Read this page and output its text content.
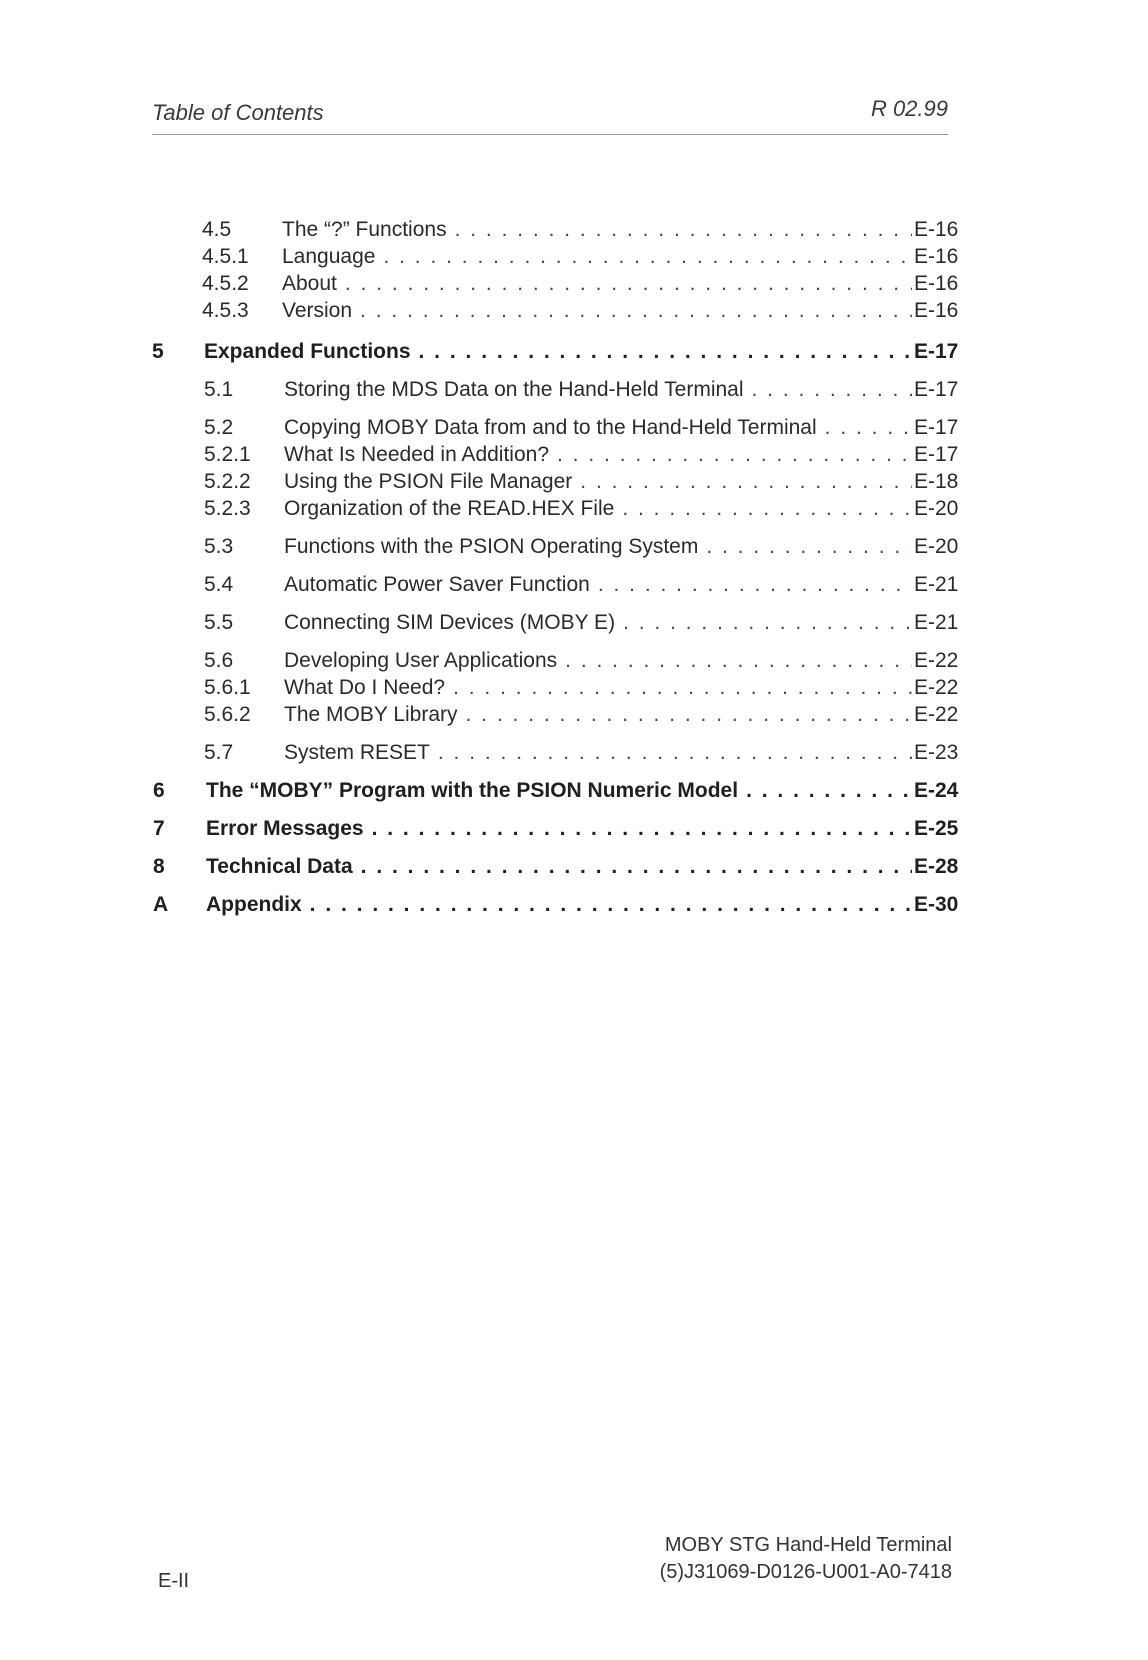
Table of Contents	R 02.99
4.5 The “?” Functions . . .	E-16
4.5.1 Language . . .	E-16
4.5.2 About . . .	E-16
4.5.3 Version . . .	E-16
5 Expanded Functions . . .	E-17
5.1 Storing the MDS Data on the Hand-Held Terminal . . .	E-17
5.2 Copying MOBY Data from and to the Hand-Held Terminal . . .	E-17
5.2.1 What Is Needed in Addition? . . .	E-17
5.2.2 Using the PSION File Manager . . .	E-18
5.2.3 Organization of the READ.HEX File . . .	E-20
5.3 Functions with the PSION Operating System . . .	E-20
5.4 Automatic Power Saver Function . . .	E-21
5.5 Connecting SIM Devices (MOBY E) . . .	E-21
5.6 Developing User Applications . . .	E-22
5.6.1 What Do I Need? . . .	E-22
5.6.2 The MOBY Library . . .	E-22
5.7 System RESET . . .	E-23
6 The “MOBY” Program with the PSION Numeric Model . . .	E-24
7 Error Messages . . .	E-25
8 Technical Data . . .	E-28
A Appendix . . .	E-30
E-II
MOBY STG Hand-Held Terminal
(5)J31069-D0126-U001-A0-7418
